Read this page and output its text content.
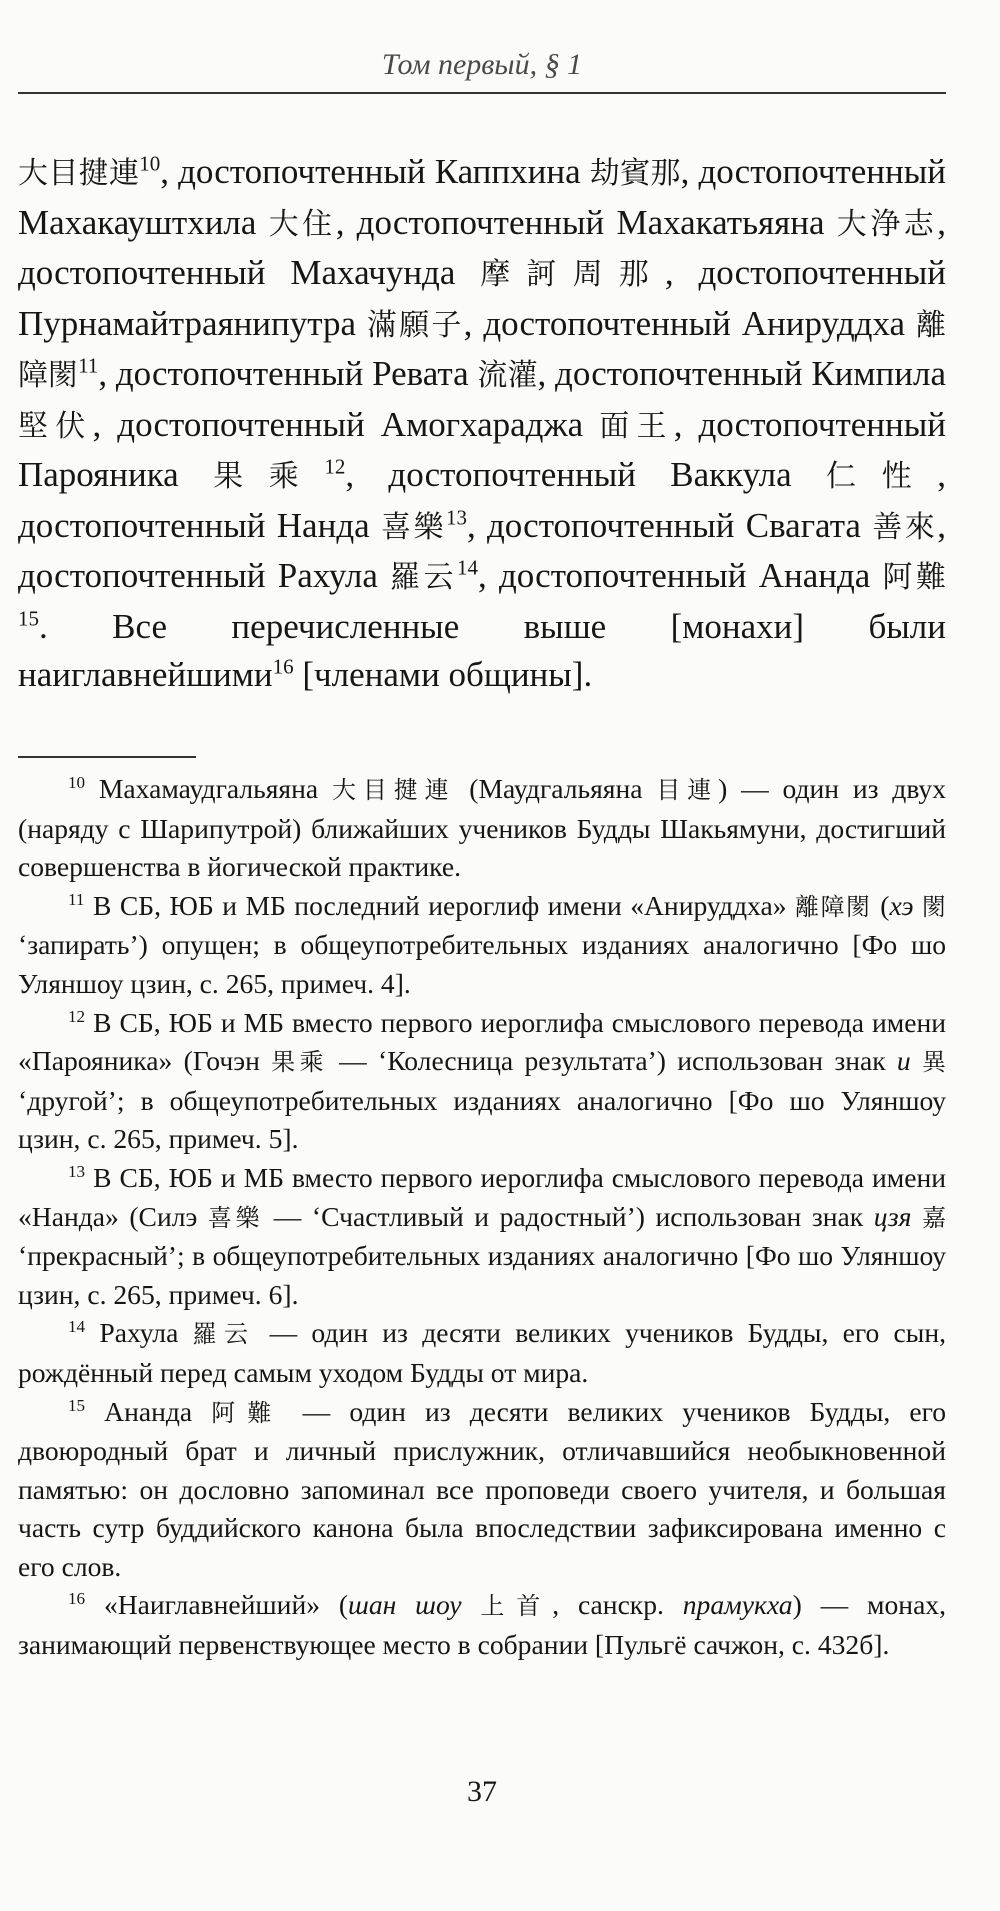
Том первый, § 1

大目揵連$^{10}$, достопочтенный Каппхина 劫賓那, достопочтенный Махакауштхила 大住, достопочтенный Махакатьяяна 大浄志, достопочтенный Махачунда 摩訶周那, достопочтенный Пурнамайтраянипутра 滿願子, достопочтенный Анируддха 離障閡$^{11}$, достопочтенный Ревата 流灌, достопочтенный Кимпила 堅伏, достопочтенный Амогхараджа 面王, достопочтенный Парояника 果乘$^{12}$, достопочтенный Ваккула 仁性, достопочтенный Нанда 喜樂$^{13}$, достопочтенный Свагата 善來, достопочтенный Рахула 羅云$^{14}$, достопочтенный Ананда 阿難$^{15}$. Все перечисленные выше [монахи] были наиглавнейшими$^{16}$ [членами общины].

$^{10}$ Махамаудгальяяна 大目揵連 (Маудгальяяна 目連) — один из двух (наряду с Шарипутрой) ближайших учеников Будды Шакьямуни, достигший совершенства в йогической практике.

$^{11}$ В СБ, ЮБ и МБ последний иероглиф имени «Анируддха» 離障閡 (хэ 閡 ‘запирать’) опущен; в общеупотребительных изданиях аналогично [Фо шо Уляншоу цзин, с. 265, примеч. 4].

$^{12}$ В СБ, ЮБ и МБ вместо первого иероглифа смыслового перевода имени «Парояника» (Гочэн 果乘 — ‘Колесница результата’) использован знак и 異 ‘другой’; в общеупотребительных изданиях аналогично [Фо шо Уляншоу цзин, с. 265, примеч. 5].

$^{13}$ В СБ, ЮБ и МБ вместо первого иероглифа смыслового перевода имени «Нанда» (Силэ 喜樂 — ‘Счастливый и радостный’) использован знак цзя 嘉 ‘прекрасный’; в общеупотребительных изданиях аналогично [Фо шо Уляншоу цзин, с. 265, примеч. 6].

$^{14}$ Рахула 羅云 — один из десяти великих учеников Будды, его сын, рождённый перед самым уходом Будды от мира.

$^{15}$ Ананда 阿難 — один из десяти великих учеников Будды, его двоюродный брат и личный прислужник, отличавшийся необыкновенной памятью: он дословно запоминал все проповеди своего учителя, и большая часть сутр буддийского канона была впоследствии зафиксирована именно с его слов.

$^{16}$ «Наиглавнейший» (шан шоу 上首, санскр. прамукха) — монах, занимающий первенствующее место в собрании [Пульгё сачжон, с. 432б].

37
